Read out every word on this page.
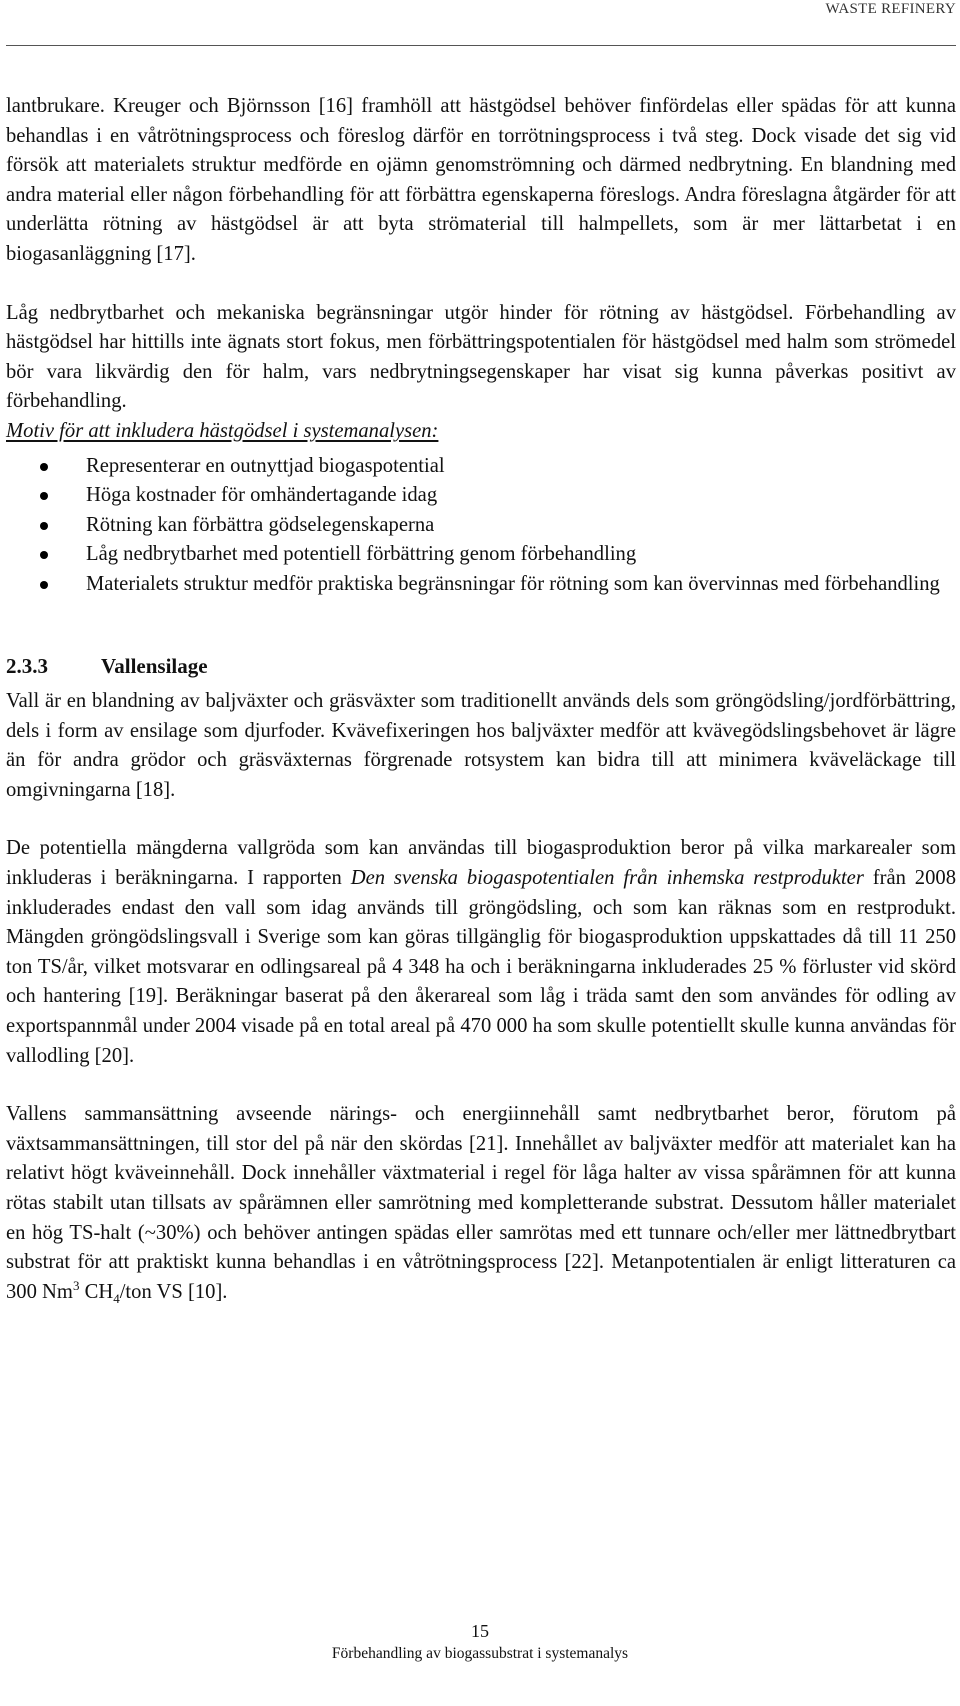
WASTE REFINERY

lantbrukare. Kreuger och Björnsson [16] framhöll att hästgödsel behöver finfördelas eller spädas för att kunna behandlas i en våtrötningsprocess och föreslog därför en torrötningsprocess i två steg. Dock visade det sig vid försök att materialets struktur medförde en ojämn genomströmning och därmed nedbrytning. En blandning med andra material eller någon förbehandling för att förbättra egenskaperna föreslogs. Andra föreslagna åtgärder för att underlätta rötning av hästgödsel är att byta strömaterial till halmpellets, som är mer lättarbetat i en biogasanläggning [17].

Låg nedbrytbarhet och mekaniska begränsningar utgör hinder för rötning av hästgödsel. Förbehandling av hästgödsel har hittills inte ägnats stort fokus, men förbättringspotentialen för hästgödsel med halm som strömedel bör vara likvärdig den för halm, vars nedbrytningsegenskaper har visat sig kunna påverkas positivt av förbehandling.

Motiv för att inkludera hästgödsel i systemanalysen:

Representerar en outnyttjad biogaspotential
Höga kostnader för omhändertagande idag
Rötning kan förbättra gödselegenskaperna
Låg nedbrytbarhet med potentiell förbättring genom förbehandling
Materialets struktur medför praktiska begränsningar för rötning som kan övervinnas med förbehandling

2.3.3	Vallensilage

Vall är en blandning av baljväxter och gräsväxter som traditionellt används dels som gröngödsling/jordförbättring, dels i form av ensilage som djurfoder. Kvävefixeringen hos baljväxter medför att kvävegödslingsbehovet är lägre än för andra grödor och gräsväxternas förgrenade rotsystem kan bidra till att minimera kväveläckage till omgivningarna [18].

De potentiella mängderna vallgröda som kan användas till biogasproduktion beror på vilka markarealer som inkluderas i beräkningarna. I rapporten Den svenska biogaspotentialen från inhemska restprodukter från 2008 inkluderades endast den vall som idag används till gröngödsling, och som kan räknas som en restprodukt. Mängden gröngödslingsvall i Sverige som kan göras tillgänglig för biogasproduktion uppskattades då till 11 250 ton TS/år, vilket motsvarar en odlingsareal på 4 348 ha och i beräkningarna inkluderades 25 % förluster vid skörd och hantering [19]. Beräkningar baserat på den åkerareal som låg i träda samt den som användes för odling av exportspannmål under 2004 visade på en total areal på 470 000 ha som skulle potentiellt skulle kunna användas för vallodling [20].

Vallens sammansättning avseende närings- och energiinnehåll samt nedbrytbarhet beror, förutom på växtsammansättningen, till stor del på när den skördas [21]. Innehållet av baljväxter medför att materialet kan ha relativt högt kväveinnehåll. Dock innehåller växtmaterial i regel för låga halter av vissa spårämnen för att kunna rötas stabilt utan tillsats av spårämnen eller samrötning med kompletterande substrat. Dessutom håller materialet en hög TS-halt (~30%) och behöver antingen spädas eller samrötas med ett tunnare och/eller mer lättnedbrytbart substrat för att praktiskt kunna behandlas i en våtrötningsprocess [22]. Metanpotentialen är enligt litteraturen ca 300 Nm$^3$ $CH_4$/ton VS [10].

15
Förbehandling av biogassubstrat i systemanalys
